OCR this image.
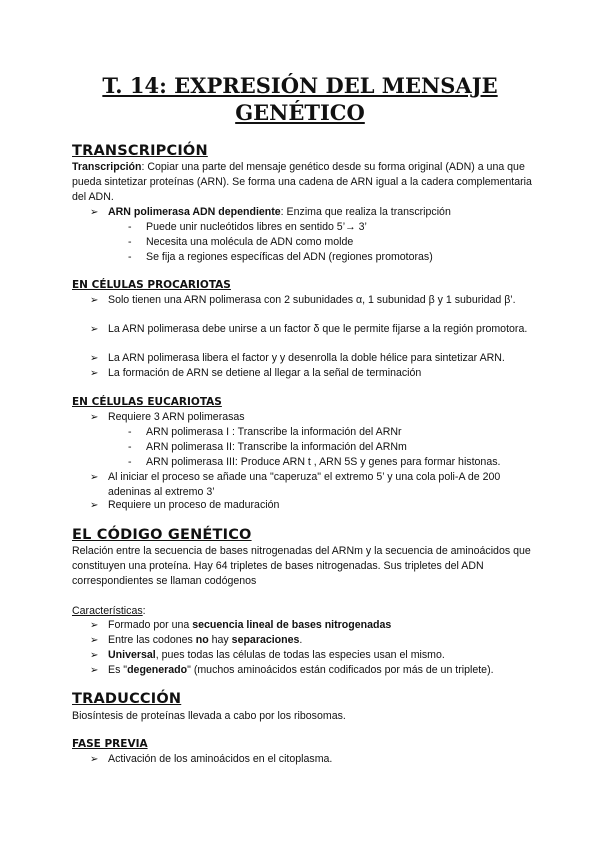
T. 14: EXPRESIÓN DEL MENSAJE
GENÉTICO
TRANSCRIPCIÓN

Transcripción: Copiar una parte del mensaje genético desde su forma original (ADN) a una que pueda sintetizar proteínas (ARN). Se forma una cadena de ARN igual a la cadera complementaria del ADN.

➢ ARN polimerasa ADN dependiente: Enzima que realiza la transcripción
-	Puede unir nucleótidos libres en sentido 5’→ 3’
-	Necesita una molécula de ADN como molde
-	Se fija a regiones específicas del ADN (regiones promotoras)
EN CÉLULAS PROCARIOTAS
➢ Solo tienen una ARN polimerasa con 2 subunidades α, 1 subunidad β y 1 suburidad β’.
➢ La ARN polimerasa debe unirse a un factor δ que le permite fijarse a la región promotora.
➢ La ARN polimerasa libera el factor y y desenrolla la doble hélice para sintetizar ARN.
➢ La formación de ARN se detiene al llegar a la señal de terminación
EN CÉLULAS EUCARIOTAS
➢ Requiere 3 ARN polimerasas
-	ARN polimerasa I : Transcribe la información del ARNr
-	ARN polimerasa II: Transcribe la información del ARNm
-	ARN polimerasa III: Produce ARN t , ARN 5S y genes para formar histonas.
➢ Al iniciar el proceso se añade una "caperuza" el extremo 5’ y una cola poli-A de 200 adeninas al extremo 3’
➢ Requiere un proceso de maduración
EL CÓDIGO GENÉTICO

Relación entre la secuencia de bases nitrogenadas del ARNm y la secuencia de aminoácidos que constituyen una proteína. Hay 64 tripletes de bases nitrogenadas. Sus tripletes del ADN correspondientes se llaman codógenos

Características:

➢ Formado por una secuencia lineal de bases nitrogenadas
➢ Entre las codones no hay separaciones.
➢ Universal, pues todas las células de todas las especies usan el mismo.
➢ Es "degenerado" (muchos aminoácidos están codificados por más de un triplete).
TRADUCCIÓN

Biosíntesis de proteínas llevada a cabo por los ribosomas.

FASE PREVIA
➢ Activación de los aminoácidos en el citoplasma.
